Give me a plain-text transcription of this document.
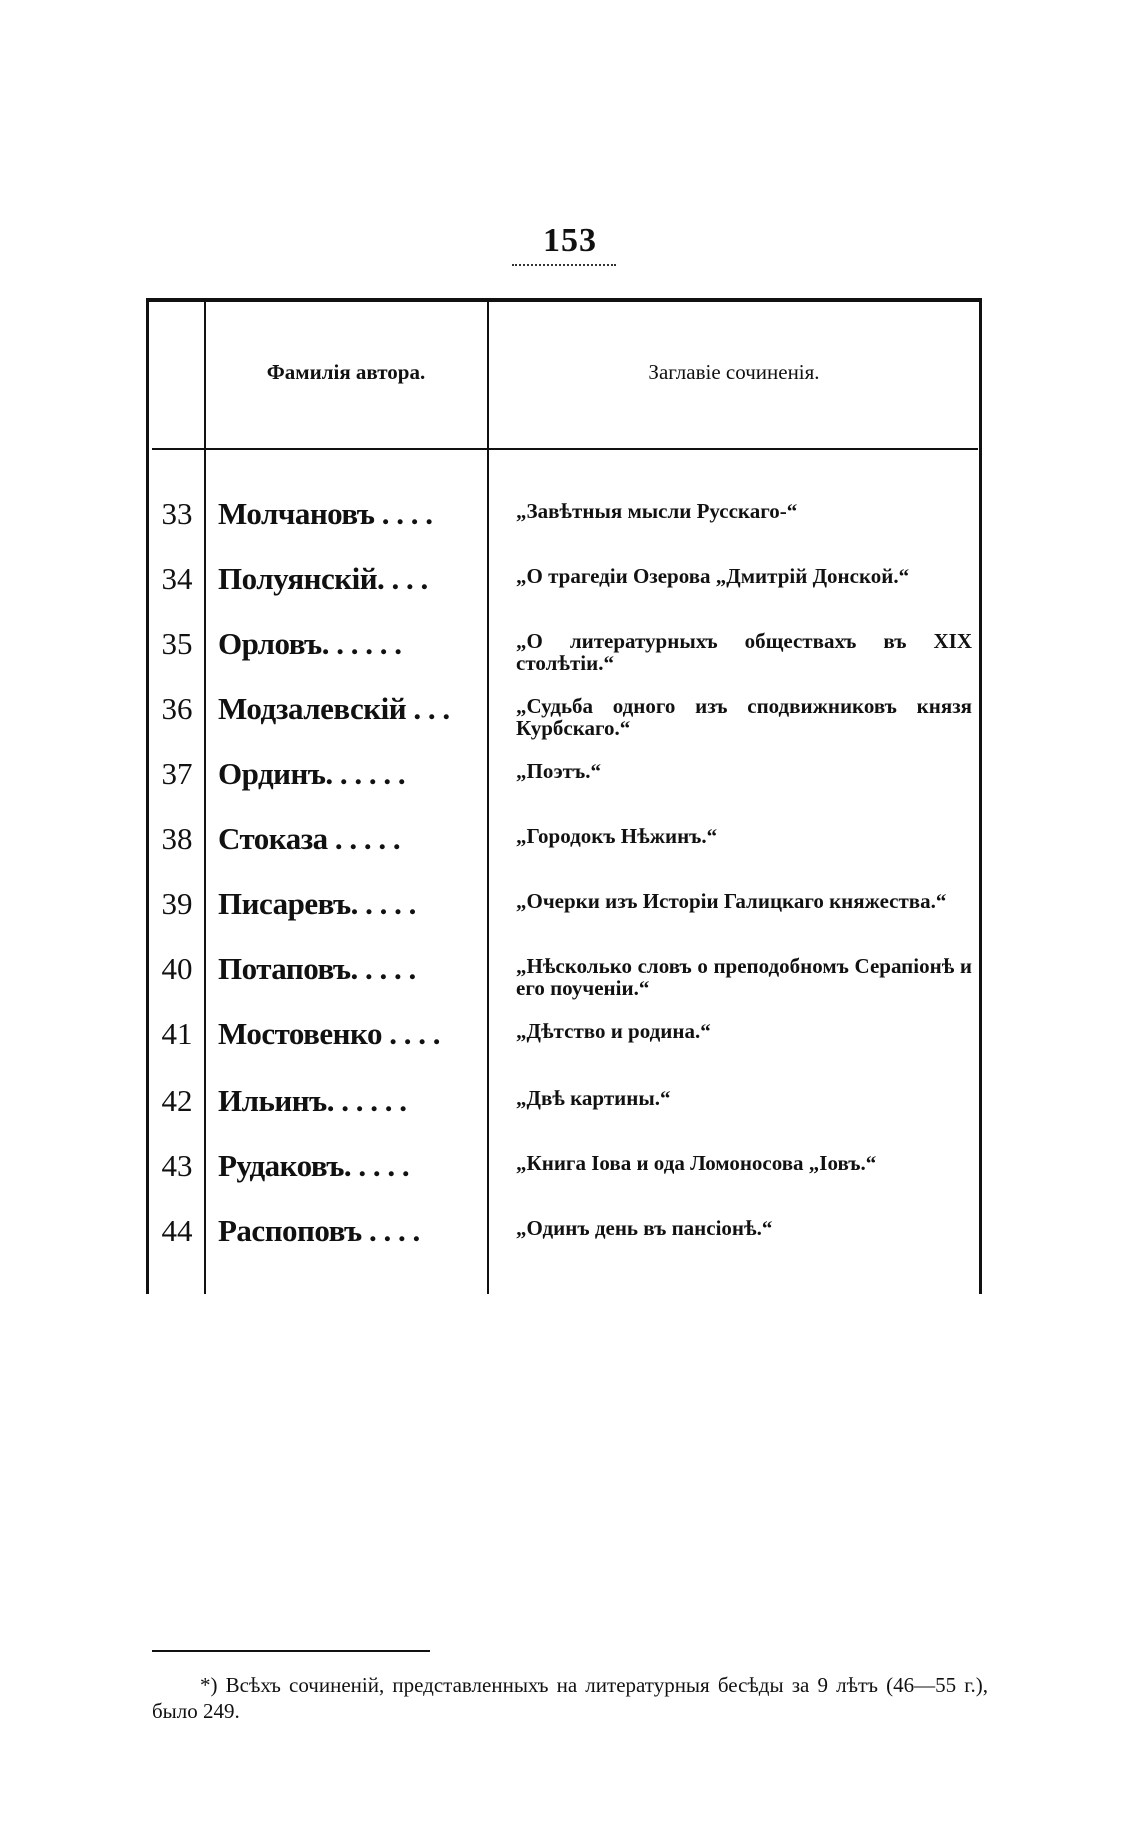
153
Фамилія автора.	Заглавіе сочиненія.
33 Молчановъ . . . .	„Завѣтныя мысли Русскаго-“
34 Полуянскій. . . .	„О трагедіи Озерова „Дмитрій Донской.“
35 Орловъ. . . . . .	„О литературныхъ обществахъ въ XIX столѣтіи.“
36 Модзалевскій . . .	„Судьба одного изъ сподвижниковъ князя Курбскаго.“
37 Ординъ. . . . . .	„Поэтъ.“
38 Стоказа . . . . .	„Городокъ Нѣжинъ.“
39 Писаревъ. . . . .	„Очерки изъ Исторіи Галицкаго княжества.“
40 Потаповъ. . . . .	„Нѣсколько словъ о преподобномъ Серапіонѣ и его поученіи.“
41 Мостовенко . . . .	„Дѣтство и родина.“
42 Ильинъ. . . . . .	„Двѣ картины.“
43 Рудаковъ. . . . .	„Книга Іова и ода Ломоносова „Іовъ.“
44 Распоповъ . . . .	„Одинъ день въ пансіонѣ.“
*) Всѣхъ сочиненій, представленныхъ на литературныя бесѣды за 9 лѣтъ (46—55 г.), было 249.
